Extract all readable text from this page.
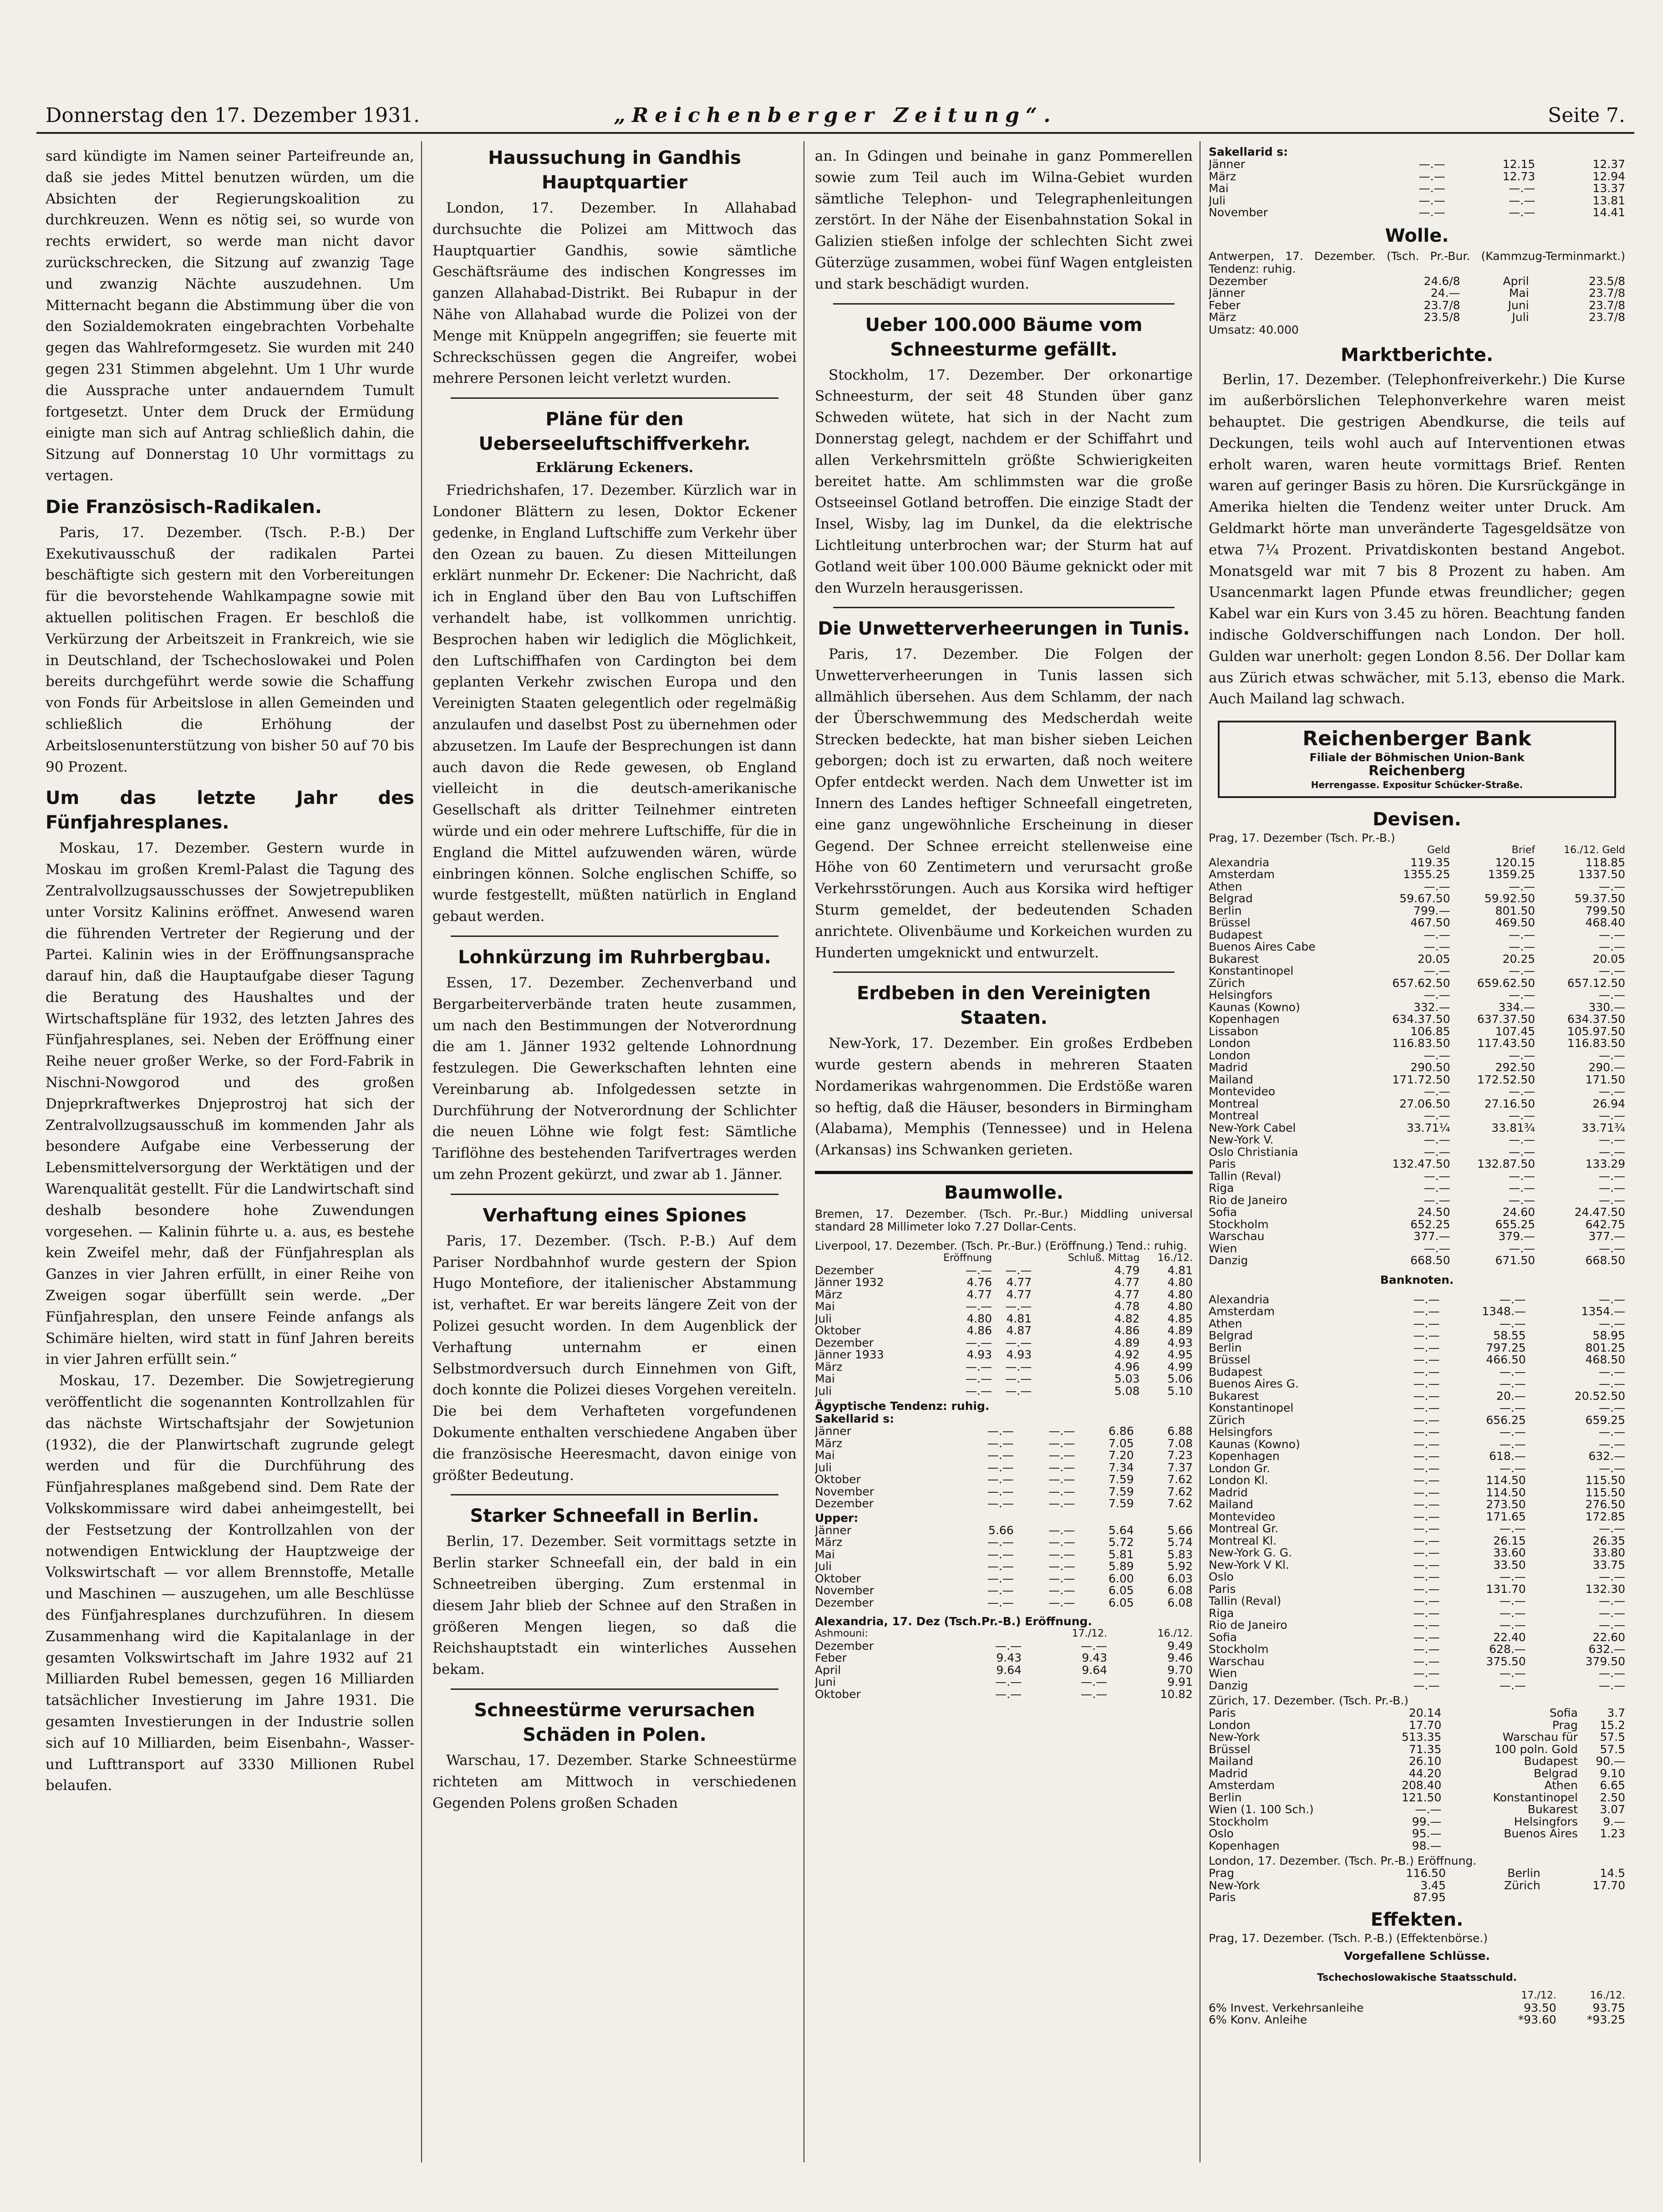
Donnerstag den 17. Dezember 1931.	„Reichenberger Zeitung“.	Seite 7.

sard kündigte im Namen seiner Parteifreunde an, daß sie jedes Mittel benutzen würden, um die Absichten der Regierungskoalition zu durchkreuzen. Wenn es nötig sei, so wurde von rechts erwidert, so werde man nicht davor zurückschrecken, die Sitzung auf zwanzig Tage und zwanzig Nächte auszudehnen. Um Mitternacht begann die Abstimmung über die von den Sozialdemokraten eingebrachten Vorbehalte gegen das Wahlreformgesetz. Sie wurden mit 240 gegen 231 Stimmen abgelehnt. Um 1 Uhr wurde die Aussprache unter andauerndem Tumult fortgesetzt. Unter dem Druck der Ermüdung einigte man sich auf Antrag schließlich dahin, die Sitzung auf Donnerstag 10 Uhr vormittags zu vertagen.

Die Französisch-Radikalen.

Paris, 17. Dezember. (Tsch. P.-B.) Der Exekutivausschuß der radikalen Partei beschäftigte sich gestern mit den Vorbereitungen für die bevorstehende Wahlkampagne sowie mit aktuellen politischen Fragen. Er beschloß die Verkürzung der Arbeitszeit in Frankreich, wie sie in Deutschland, der Tschechoslowakei und Polen bereits durchgeführt werde sowie die Schaffung von Fonds für Arbeitslose in allen Gemeinden und schließlich die Erhöhung der Arbeitslosenunterstützung von bisher 50 auf 70 bis 90 Prozent.

Um das letzte Jahr des Fünfjahresplanes.

Moskau, 17. Dezember. Gestern wurde in Moskau im großen Kreml-Palast die Tagung des Zentralvollzugsausschusses der Sowjetrepubliken unter Vorsitz Kalinins eröffnet. Anwesend waren die führenden Vertreter der Regierung und der Partei. Kalinin wies in der Eröffnungsansprache darauf hin, daß die Hauptaufgabe dieser Tagung die Beratung des Haushaltes und der Wirtschaftspläne für 1932, des letzten Jahres des Fünfjahresplanes, sei. Neben der Eröffnung einer Reihe neuer großer Werke, so der Ford-Fabrik in Nischni-Nowgorod und des großen Dnjeprkraftwerkes Dnjeprostroj hat sich der Zentralvollzugsausschuß im kommenden Jahr als besondere Aufgabe eine Verbesserung der Lebensmittelversorgung der Werktätigen und der Warenqualität gestellt. Für die Landwirtschaft sind deshalb besondere hohe Zuwendungen vorgesehen. — Kalinin führte u. a. aus, es bestehe kein Zweifel mehr, daß der Fünfjahresplan als Ganzes in vier Jahren erfüllt, in einer Reihe von Zweigen sogar überfüllt sein werde. „Der Fünfjahresplan, den unsere Feinde anfangs als Schimäre hielten, wird statt in fünf Jahren bereits in vier Jahren erfüllt sein.“

Moskau, 17. Dezember. Die Sowjetregierung veröffentlicht die sogenannten Kontrollzahlen für das nächste Wirtschaftsjahr der Sowjetunion (1932), die der Planwirtschaft zugrunde gelegt werden und für die Durchführung des Fünfjahresplanes maßgebend sind. Dem Rate der Volkskommissare wird dabei anheimgestellt, bei der Festsetzung der Kontrollzahlen von der notwendigen Entwicklung der Hauptzweige der Volkswirtschaft — vor allem Brennstoffe, Metalle und Maschinen — auszugehen, um alle Beschlüsse des Fünfjahresplanes durchzuführen. In diesem Zusammenhang wird die Kapitalanlage in der gesamten Volkswirtschaft im Jahre 1932 auf 21 Milliarden Rubel bemessen, gegen 16 Milliarden tatsächlicher Investierung im Jahre 1931. Die gesamten Investierungen in der Industrie sollen sich auf 10 Milliarden, beim Eisenbahn-, Wasser- und Lufttransport auf 3330 Millionen Rubel belaufen.

Haussuchung in Gandhis Hauptquartier

London, 17. Dezember. In Allahabad durchsuchte die Polizei am Mittwoch das Hauptquartier Gandhis, sowie sämtliche Geschäftsräume des indischen Kongresses im ganzen Allahabad-Distrikt. Bei Rubapur in der Nähe von Allahabad wurde die Polizei von der Menge mit Knüppeln angegriffen; sie feuerte mit Schreckschüssen gegen die Angreifer, wobei mehrere Personen leicht verletzt wurden.

Pläne für den Ueberseeluftschiffverkehr.
Erklärung Eckeners.

Friedrichshafen, 17. Dezember. Kürzlich war in Londoner Blättern zu lesen, Doktor Eckener gedenke, in England Luftschiffe zum Verkehr über den Ozean zu bauen. Zu diesen Mitteilungen erklärt nunmehr Dr. Eckener: Die Nachricht, daß ich in England über den Bau von Luftschiffen verhandelt habe, ist vollkommen unrichtig. Besprochen haben wir lediglich die Möglichkeit, den Luftschiffhafen von Cardington bei dem geplanten Verkehr zwischen Europa und den Vereinigten Staaten gelegentlich oder regelmäßig anzulaufen und daselbst Post zu übernehmen oder abzusetzen. Im Laufe der Besprechungen ist dann auch davon die Rede gewesen, ob England vielleicht in die deutsch-amerikanische Gesellschaft als dritter Teilnehmer eintreten würde und ein oder mehrere Luftschiffe, für die in England die Mittel aufzuwenden wären, würde einbringen können. Solche englischen Schiffe, so wurde festgestellt, müßten natürlich in England gebaut werden.

Lohnkürzung im Ruhrbergbau.

Essen, 17. Dezember. Zechenverband und Bergarbeiterverbände traten heute zusammen, um nach den Bestimmungen der Notverordnung die am 1. Jänner 1932 geltende Lohnordnung festzulegen. Die Gewerkschaften lehnten eine Vereinbarung ab. Infolgedessen setzte in Durchführung der Notverordnung der Schlichter die neuen Löhne wie folgt fest: Sämtliche Tariflöhne des bestehenden Tarifvertrages werden um zehn Prozent gekürzt, und zwar ab 1. Jänner.

Verhaftung eines Spiones

Paris, 17. Dezember. (Tsch. P.-B.) Auf dem Pariser Nordbahnhof wurde gestern der Spion Hugo Montefiore, der italienischer Abstammung ist, verhaftet. Er war bereits längere Zeit von der Polizei gesucht worden. In dem Augenblick der Verhaftung unternahm er einen Selbstmordversuch durch Einnehmen von Gift, doch konnte die Polizei dieses Vorgehen vereiteln. Die bei dem Verhafteten vorgefundenen Dokumente enthalten verschiedene Angaben über die französische Heeresmacht, davon einige von größter Bedeutung.

Starker Schneefall in Berlin.

Berlin, 17. Dezember. Seit vormittags setzte in Berlin starker Schneefall ein, der bald in ein Schneetreiben überging. Zum erstenmal in diesem Jahr blieb der Schnee auf den Straßen in größeren Mengen liegen, so daß die Reichshauptstadt ein winterliches Aussehen bekam.

Schneestürme verursachen Schäden in Polen.

Warschau, 17. Dezember. Starke Schneestürme richteten am Mittwoch in verschiedenen Gegenden Polens großen Schaden

an. In Gdingen und beinahe in ganz Pommerellen sowie zum Teil auch im Wilna-Gebiet wurden sämtliche Telephon- und Telegraphenleitungen zerstört. In der Nähe der Eisenbahnstation Sokal in Galizien stießen infolge der schlechten Sicht zwei Güterzüge zusammen, wobei fünf Wagen entgleisten und stark beschädigt wurden.

Ueber 100.000 Bäume vom Schneesturme gefällt.

Stockholm, 17. Dezember. Der orkonartige Schneesturm, der seit 48 Stunden über ganz Schweden wütete, hat sich in der Nacht zum Donnerstag gelegt, nachdem er der Schiffahrt und allen Verkehrsmitteln größte Schwierigkeiten bereitet hatte. Am schlimmsten war die große Ostseeinsel Gotland betroffen. Die einzige Stadt der Insel, Wisby, lag im Dunkel, da die elektrische Lichtleitung unterbrochen war; der Sturm hat auf Gotland weit über 100.000 Bäume geknickt oder mit den Wurzeln herausgerissen.

Die Unwetterverheerungen in Tunis.

Paris, 17. Dezember. Die Folgen der Unwetterverheerungen in Tunis lassen sich allmählich übersehen. Aus dem Schlamm, der nach der Überschwemmung des Medscherdah weite Strecken bedeckte, hat man bisher sieben Leichen geborgen; doch ist zu erwarten, daß noch weitere Opfer entdeckt werden. Nach dem Unwetter ist im Innern des Landes heftiger Schneefall eingetreten, eine ganz ungewöhnliche Erscheinung in dieser Gegend. Der Schnee erreicht stellenweise eine Höhe von 60 Zentimetern und verursacht große Verkehrsstörungen. Auch aus Korsika wird heftiger Sturm gemeldet, der bedeutenden Schaden anrichtete. Olivenbäume und Korkeichen wurden zu Hunderten umgeknickt und entwurzelt.

Erdbeben in den Vereinigten Staaten.

New-York, 17. Dezember. Ein großes Erdbeben wurde gestern abends in mehreren Staaten Nordamerikas wahrgenommen. Die Erdstöße waren so heftig, daß die Häuser, besonders in Birmingham (Alabama), Memphis (Tennessee) und in Helena (Arkansas) ins Schwanken gerieten.

Baumwolle.
Bremen, 17. Dezember. (Tsch. Pr.-Bur.) Middling universal standard 28 Millimeter loko 7.27 Dollar-Cents.
Liverpool, 17. Dezember. (Tsch. Pr.-Bur.) (Eröffnung.) Tend.: ruhig.
	Eröffnung		Schluß. Mittag	16./12.
Dezember	—.—	—.—	4.79	4.81
Jänner 1932	4.76	4.77	4.77	4.80
März	4.77	4.77	4.77	4.80
Mai	—.—	—.—	4.78	4.80
Juli	4.80	4.81	4.82	4.85
Oktober	4.86	4.87	4.86	4.89
Dezember	—.—	—.—	4.89	4.93
Jänner 1933	4.93	4.93	4.92	4.95
März	—.—	—.—	4.96	4.99
Mai	—.—	—.—	5.03	5.06
Juli	—.—	—.—	5.08	5.10
Ägyptische Tendenz: ruhig.
Sakellarid s:
Jänner	—.—	—.—	6.86	6.88
März	—.—	—.—	7.05	7.08
Mai	—.—	—.—	7.20	7.23
Juli	—.—	—.—	7.34	7.37
Oktober	—.—	—.—	7.59	7.62
November	—.—	—.—	7.59	7.62
Dezember	—.—	—.—	7.59	7.62
Upper:
Jänner	5.66	—.—	5.64	5.66
März	—.—	—.—	5.72	5.74
Mai	—.—	—.—	5.81	5.83
Juli	—.—	—.—	5.89	5.92
Oktober	—.—	—.—	6.00	6.03
November	—.—	—.—	6.05	6.08
Dezember	—.—	—.—	6.05	6.08
Alexandria, 17. Dez (Tsch.Pr.-B.) Eröffnung.
Ashmouni:		17./12.	16./12.
Dezember	—.—	—.—	9.49
Feber	9.43	9.43	9.46
April	9.64	9.64	9.70
Juni	—.—	—.—	9.91
Oktober	—.—	—.—	10.82
Sakellarid s:
Jänner	—.—	12.15	12.37
März	—.—	12.73	12.94
Mai	—.—	—.—	13.37
Juli	—.—	—.—	13.81
November	—.—	—.—	14.41
Wolle.
Antwerpen, 17. Dezember. (Tsch. Pr.-Bur. (Kammzug-Terminmarkt.) Tendenz: ruhig.
Dezember	24.6/8	April	23.5/8
Jänner	24.—	Mai	23.7/8
Feber	23.7/8	Juni	23.7/8
März	23.5/8	Juli	23.7/8
Umsatz: 40.000
Marktberichte.

Berlin, 17. Dezember. (Telephonfreiverkehr.) Die Kurse im außerbörslichen Telephonverkehre waren meist behauptet. Die gestrigen Abendkurse, die teils auf Deckungen, teils wohl auch auf Interventionen etwas erholt waren, waren heute vormittags Brief. Renten waren auf geringer Basis zu hören. Die Kursrückgänge in Amerika hielten die Tendenz weiter unter Druck. Am Geldmarkt hörte man unveränderte Tagesgeldsätze von etwa 7¼ Prozent. Privatdiskonten bestand Angebot. Monatsgeld war mit 7 bis 8 Prozent zu haben. Am Usancenmarkt lagen Pfunde etwas freundlicher; gegen Kabel war ein Kurs von 3.45 zu hören. Beachtung fanden indische Goldverschiffungen nach London. Der holl. Gulden war unerholt: gegen London 8.56. Der Dollar kam aus Zürich etwas schwächer, mit 5.13, ebenso die Mark. Auch Mailand lag schwach.

Reichenberger Bank
Filiale der Böhmischen Union-Bank
Reichenberg
Herrengasse. Expositur Schücker-Straße.
Devisen.
Prag, 17. Dezember (Tsch. Pr.-B.)
	Geld	Brief	16./12. Geld
Alexandria	119.35	120.15	118.85
Amsterdam	1355.25	1359.25	1337.50
Athen	—.—	—.—	—.—
Belgrad	59.67.50	59.92.50	59.37.50
Berlin	799.—	801.50	799.50
Brüssel	467.50	469.50	468.40
Budapest	—.—	—.—	—.—
Buenos Aires Cabe	—.—	—.—	—.—
Bukarest	20.05	20.25	20.05
Konstantinopel	—.—	—.—	—.—
Zürich	657.62.50	659.62.50	657.12.50
Helsingfors	—.—	—.—	—.—
Kaunas (Kowno)	332.—	334.—	330.—
Kopenhagen	634.37.50	637.37.50	634.37.50
Lissabon	106.85	107.45	105.97.50
London	116.83.50	117.43.50	116.83.50
London	—.—	—.—	—.—
Madrid	290.50	292.50	290.—
Mailand	171.72.50	172.52.50	171.50
Montevideo	—.—	—.—	—.—
Montreal	27.06.50	27.16.50	26.94
Montreal	—.—	—.—	—.—
New-York Cabel	33.71¼	33.81¾	33.71¾
New-York V.	—.—	—.—	—.—
Oslo Christiania	—.—	—.—	—.—
Paris	132.47.50	132.87.50	133.29
Tallin (Reval)	—.—	—.—	—.—
Riga	—.—	—.—	—.—
Rio de Janeiro	—.—	—.—	—.—
Sofia	24.50	24.60	24.47.50
Stockholm	652.25	655.25	642.75
Warschau	377.—	379.—	377.—
Wien	—.—	—.—	—.—
Danzig	668.50	671.50	668.50
Banknoten.
Alexandria	—.—	—.—	—.—
Amsterdam	—.—	1348.—	1354.—
Athen	—.—	—.—	—.—
Belgrad	—.—	58.55	58.95
Berlin	—.—	797.25	801.25
Brüssel	—.—	466.50	468.50
Budapest	—.—	—.—	—.—
Buenos Aires G.	—.—	—.—	—.—
Bukarest	—.—	20.—	20.52.50
Konstantinopel	—.—	—.—	—.—
Zürich	—.—	656.25	659.25
Helsingfors	—.—	—.—	—.—
Kaunas (Kowno)	—.—	—.—	—.—
Kopenhagen	—.—	618.—	632.—
London Gr.	—.—	—.—	—.—
London Kl.	—.—	114.50	115.50
Madrid	—.—	114.50	115.50
Mailand	—.—	273.50	276.50
Montevideo	—.—	171.65	172.85
Montreal Gr.	—.—	—.—	—.—
Montreal Kl.	—.—	26.15	26.35
New-York G. G.	—.—	33.60	33.80
New-York V Kl.	—.—	33.50	33.75
Oslo	—.—	—.—	—.—
Paris	—.—	131.70	132.30
Tallin (Reval)	—.—	—.—	—.—
Riga	—.—	—.—	—.—
Rio de Janeiro	—.—	—.—	—.—
Sofia	—.—	22.40	22.60
Stockholm	—.—	628.—	632.—
Warschau	—.—	375.50	379.50
Wien	—.—	—.—	—.—
Danzig	—.—	—.—	—.—
Zürich, 17. Dezember. (Tsch. Pr.-B.)
Paris	20.14	Sofia	3.7
London	17.70	Prag	15.2
New-York	513.35	Warschau für	57.5
Brüssel	71.35	100 poln. Gold	57.5
Mailand	26.10	Budapest	90.—
Madrid	44.20	Belgrad	9.10
Amsterdam	208.40	Athen	6.65
Berlin	121.50	Konstantinopel	2.50
Wien (1. 100 Sch.)	—.—	Bukarest	3.07
Stockholm	99.—	Helsingfors	9.—
Oslo	95.—	Buenos Aires	1.23
Kopenhagen	98.—		
London, 17. Dezember. (Tsch. Pr.-B.) Eröffnung.
Prag	116.50	Berlin	14.5
New-York	3.45	Zürich	17.70
Paris	87.95		
Effekten.
Prag, 17. Dezember. (Tsch. P.-B.) (Effektenbörse.)
Vorgefallene Schlüsse.
Tschechoslowakische Staatsschuld.
	17./12.	16./12.
6% Invest. Verkehrsanleihe	93.50	93.75
6% Konv. Anleihe	*93.60	*93.25
